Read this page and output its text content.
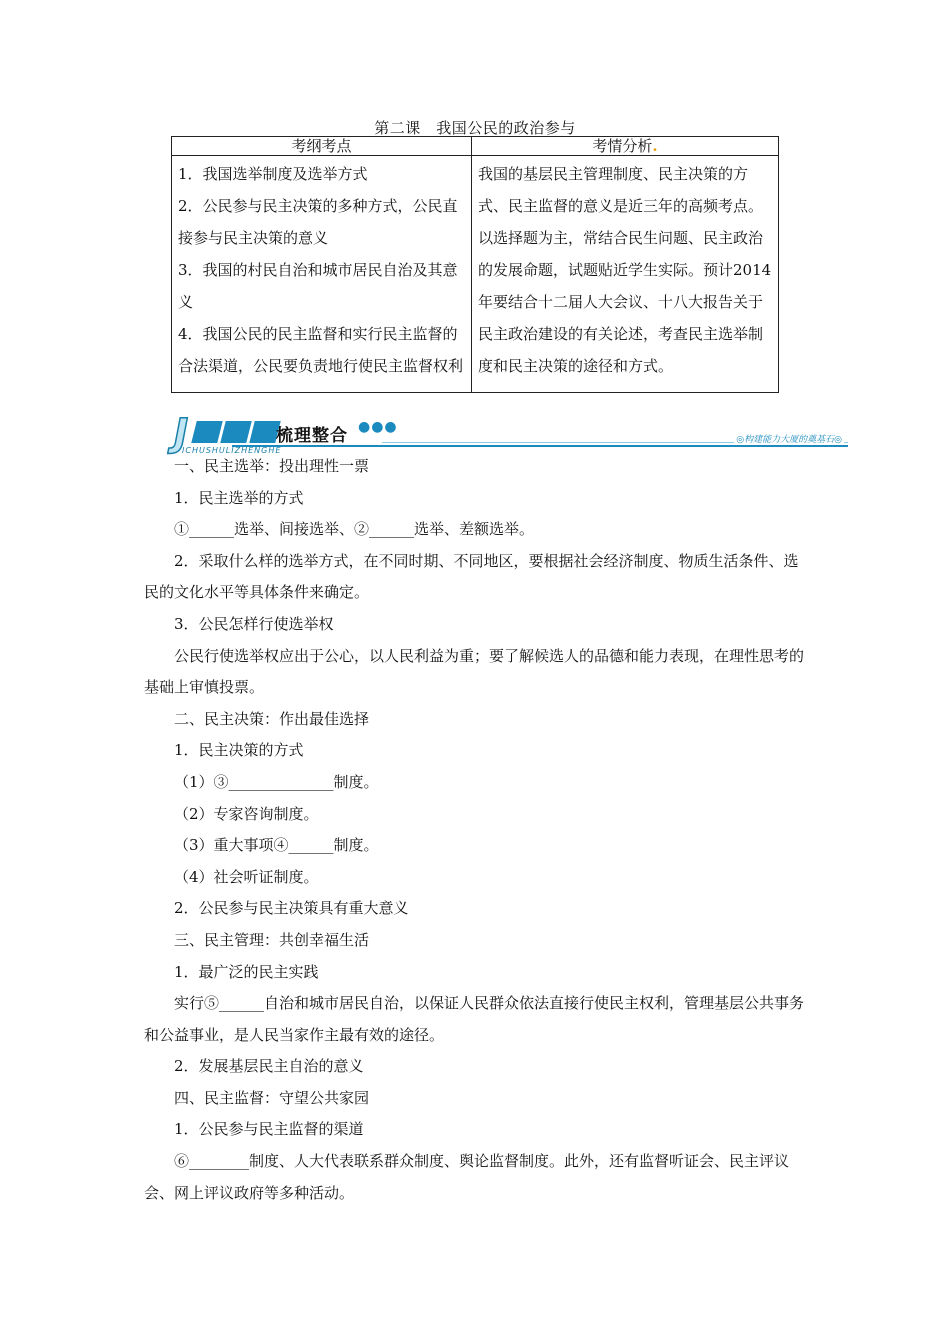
第二课　我国公民的政治参与
考纲考点	考情分析.

1．我国选举制度及选举方式

2．公民参与民主决策的多种方式，公民直接参与民主决策的意义

3．我国的村民自治和城市居民自治及其意义

4．我国公民的民主监督和实行民主监督的合法渠道，公民要负责地行使民主监督权利	我国的基层民主管理制度、民主决策的方式、民主监督的意义是近三年的高频考点。以选择题为主，常结合民生问题、民主政治的发展命题，试题贴近学生实际。预计2014年要结合十二届人大会议、十八大报告关于民主政治建设的有关论述，考查民主选举制度和民主决策的途径和方式。

J	梳理整合 ●●●
ICHUSHULIZHENGHE
◎构建能力大厦的奠基石◎

一、民主选举：投出理性一票

1．民主选举的方式

①______选举、间接选举、②______选举、差额选举。

2．采取什么样的选举方式，在不同时期、不同地区，要根据社会经济制度、物质生活条件、选民的文化水平等具体条件来确定。

3．公民怎样行使选举权

公民行使选举权应出于公心，以人民利益为重；要了解候选人的品德和能力表现，在理性思考的基础上审慎投票。

二、民主决策：作出最佳选择

1．民主决策的方式

（1）③______________制度。

（2）专家咨询制度。

（3）重大事项④______制度。

（4）社会听证制度。

2．公民参与民主决策具有重大意义

三、民主管理：共创幸福生活

1．最广泛的民主实践

实行⑤______自治和城市居民自治，以保证人民群众依法直接行使民主权利，管理基层公共事务和公益事业，是人民当家作主最有效的途径。

2．发展基层民主自治的意义

四、民主监督：守望公共家园

1．公民参与民主监督的渠道

⑥________制度、人大代表联系群众制度、舆论监督制度。此外，还有监督听证会、民主评议会、网上评议政府等多种活动。
